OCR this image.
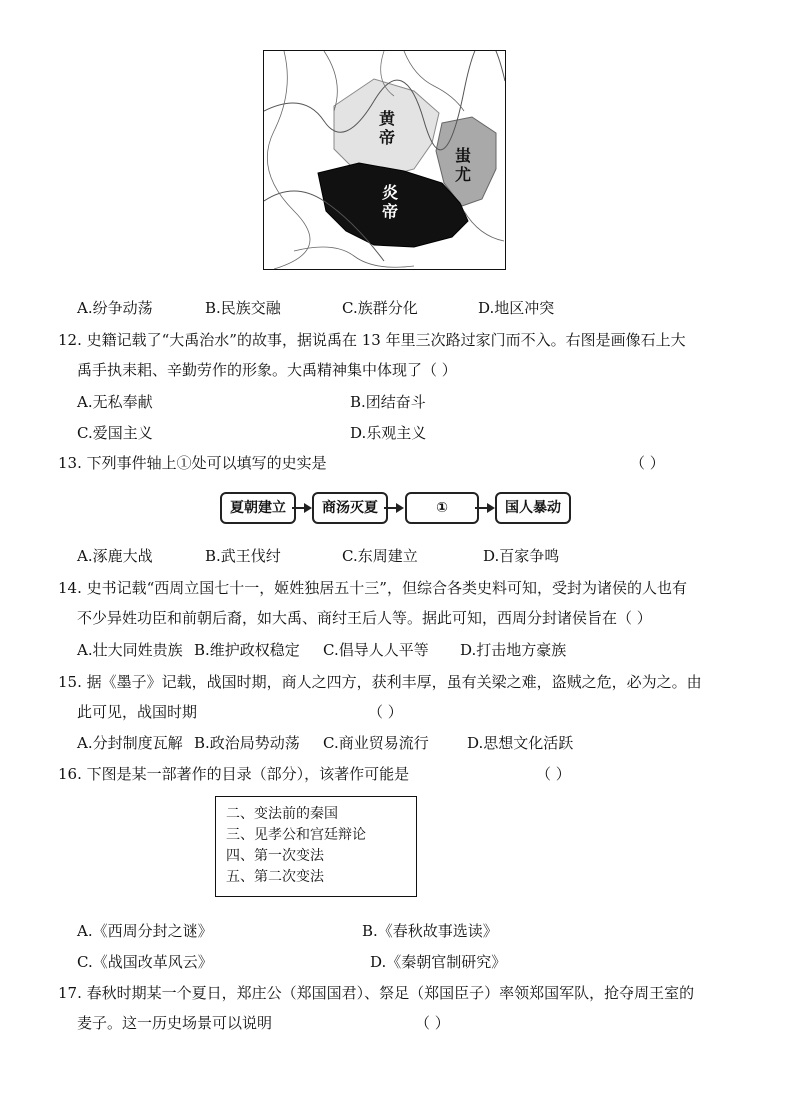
黄帝
炎帝
蚩尤
A.纷争动荡	B.民族交融	C.族群分化	D.地区冲突
12. 史籍记载了“大禹治水”的故事，据说禹在 13 年里三次路过家门而不入。右图是画像石上大
禹手执耒耜、辛勤劳作的形象。大禹精神集中体现了（ ）
A.无私奉献	B.团结奋斗
C.爱国主义	D.乐观主义
13. 下列事件轴上①处可以填写的史实是	（ ）
夏朝建立	商汤灭夏	①	国人暴动
A.涿鹿大战	B.武王伐纣	C.东周建立	D.百家争鸣
14. 史书记载“西周立国七十一，姬姓独居五十三”，但综合各类史料可知，受封为诸侯的人也有
不少异姓功臣和前朝后裔，如大禹、商纣王后人等。据此可知，西周分封诸侯旨在（ ）
A.壮大同姓贵族 B.维护政权稳定 C.倡导人人平等 D.打击地方豪族
15. 据《墨子》记载，战国时期，商人之四方，获利丰厚，虽有关梁之难，盗贼之危，必为之。由
此可见，战国时期	（ ）
A.分封制度瓦解 B.政治局势动荡 C.商业贸易流行	D.思想文化活跃
16. 下图是某一部著作的目录（部分），该著作可能是	（ ）
二、变法前的秦国
三、见孝公和宫廷辩论
四、第一次变法
五、第二次变法
A.《西周分封之谜》	B.《春秋故事选读》
C.《战国改革风云》	D.《秦朝官制研究》
17. 春秋时期某一个夏日，郑庄公（郑国国君）、祭足（郑国臣子）率领郑国军队，抢夺周王室的
麦子。这一历史场景可以说明	（ ）
